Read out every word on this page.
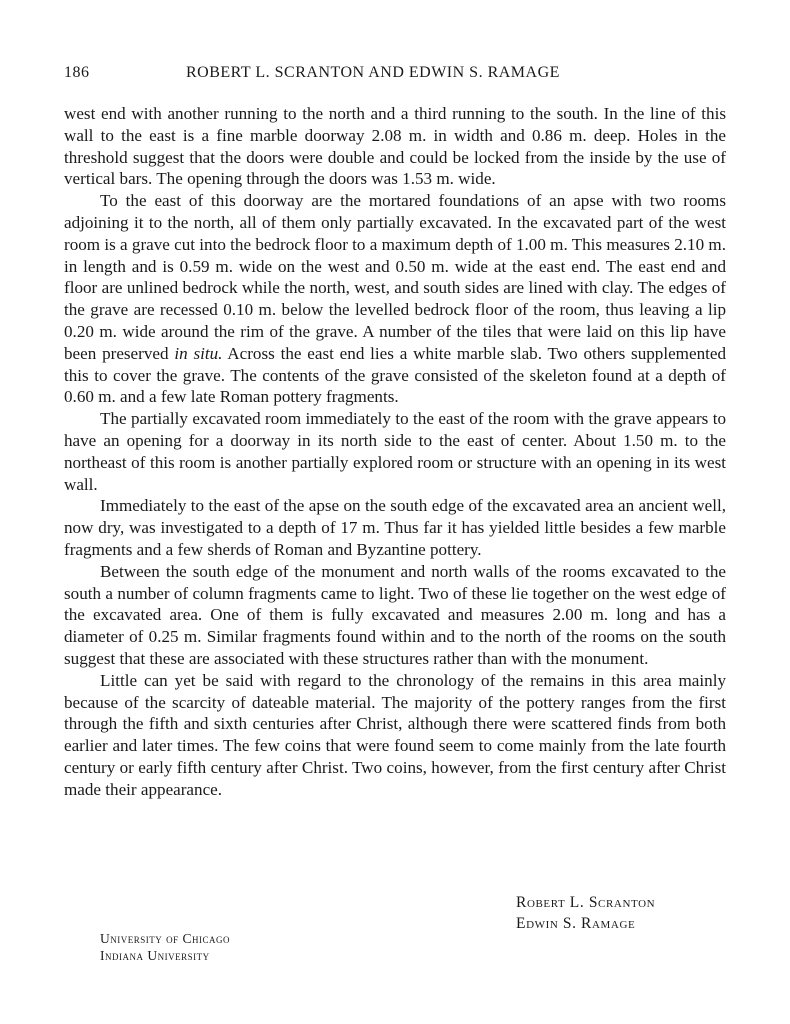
186	ROBERT L. SCRANTON AND EDWIN S. RAMAGE

west end with another running to the north and a third running to the south. In the line of this wall to the east is a fine marble doorway 2.08 m. in width and 0.86 m. deep. Holes in the threshold suggest that the doors were double and could be locked from the inside by the use of vertical bars. The opening through the doors was 1.53 m. wide.

To the east of this doorway are the mortared foundations of an apse with two rooms adjoining it to the north, all of them only partially excavated. In the excavated part of the west room is a grave cut into the bedrock floor to a maximum depth of 1.00 m. This measures 2.10 m. in length and is 0.59 m. wide on the west and 0.50 m. wide at the east end. The east end and floor are unlined bedrock while the north, west, and south sides are lined with clay. The edges of the grave are recessed 0.10 m. below the levelled bedrock floor of the room, thus leaving a lip 0.20 m. wide around the rim of the grave. A number of the tiles that were laid on this lip have been preserved in situ. Across the east end lies a white marble slab. Two others supplemented this to cover the grave. The contents of the grave consisted of the skeleton found at a depth of 0.60 m. and a few late Roman pottery fragments.

The partially excavated room immediately to the east of the room with the grave appears to have an opening for a doorway in its north side to the east of center. About 1.50 m. to the northeast of this room is another partially explored room or structure with an opening in its west wall.

Immediately to the east of the apse on the south edge of the excavated area an ancient well, now dry, was investigated to a depth of 17 m. Thus far it has yielded little besides a few marble fragments and a few sherds of Roman and Byzantine pottery.

Between the south edge of the monument and north walls of the rooms excavated to the south a number of column fragments came to light. Two of these lie together on the west edge of the excavated area. One of them is fully excavated and measures 2.00 m. long and has a diameter of 0.25 m. Similar fragments found within and to the north of the rooms on the south suggest that these are associated with these structures rather than with the monument.

Little can yet be said with regard to the chronology of the remains in this area mainly because of the scarcity of dateable material. The majority of the pottery ranges from the first through the fifth and sixth centuries after Christ, although there were scattered finds from both earlier and later times. The few coins that were found seem to come mainly from the late fourth century or early fifth century after Christ. Two coins, however, from the first century after Christ made their appearance.

Robert L. Scranton
Edwin S. Ramage
University of Chicago
Indiana University
